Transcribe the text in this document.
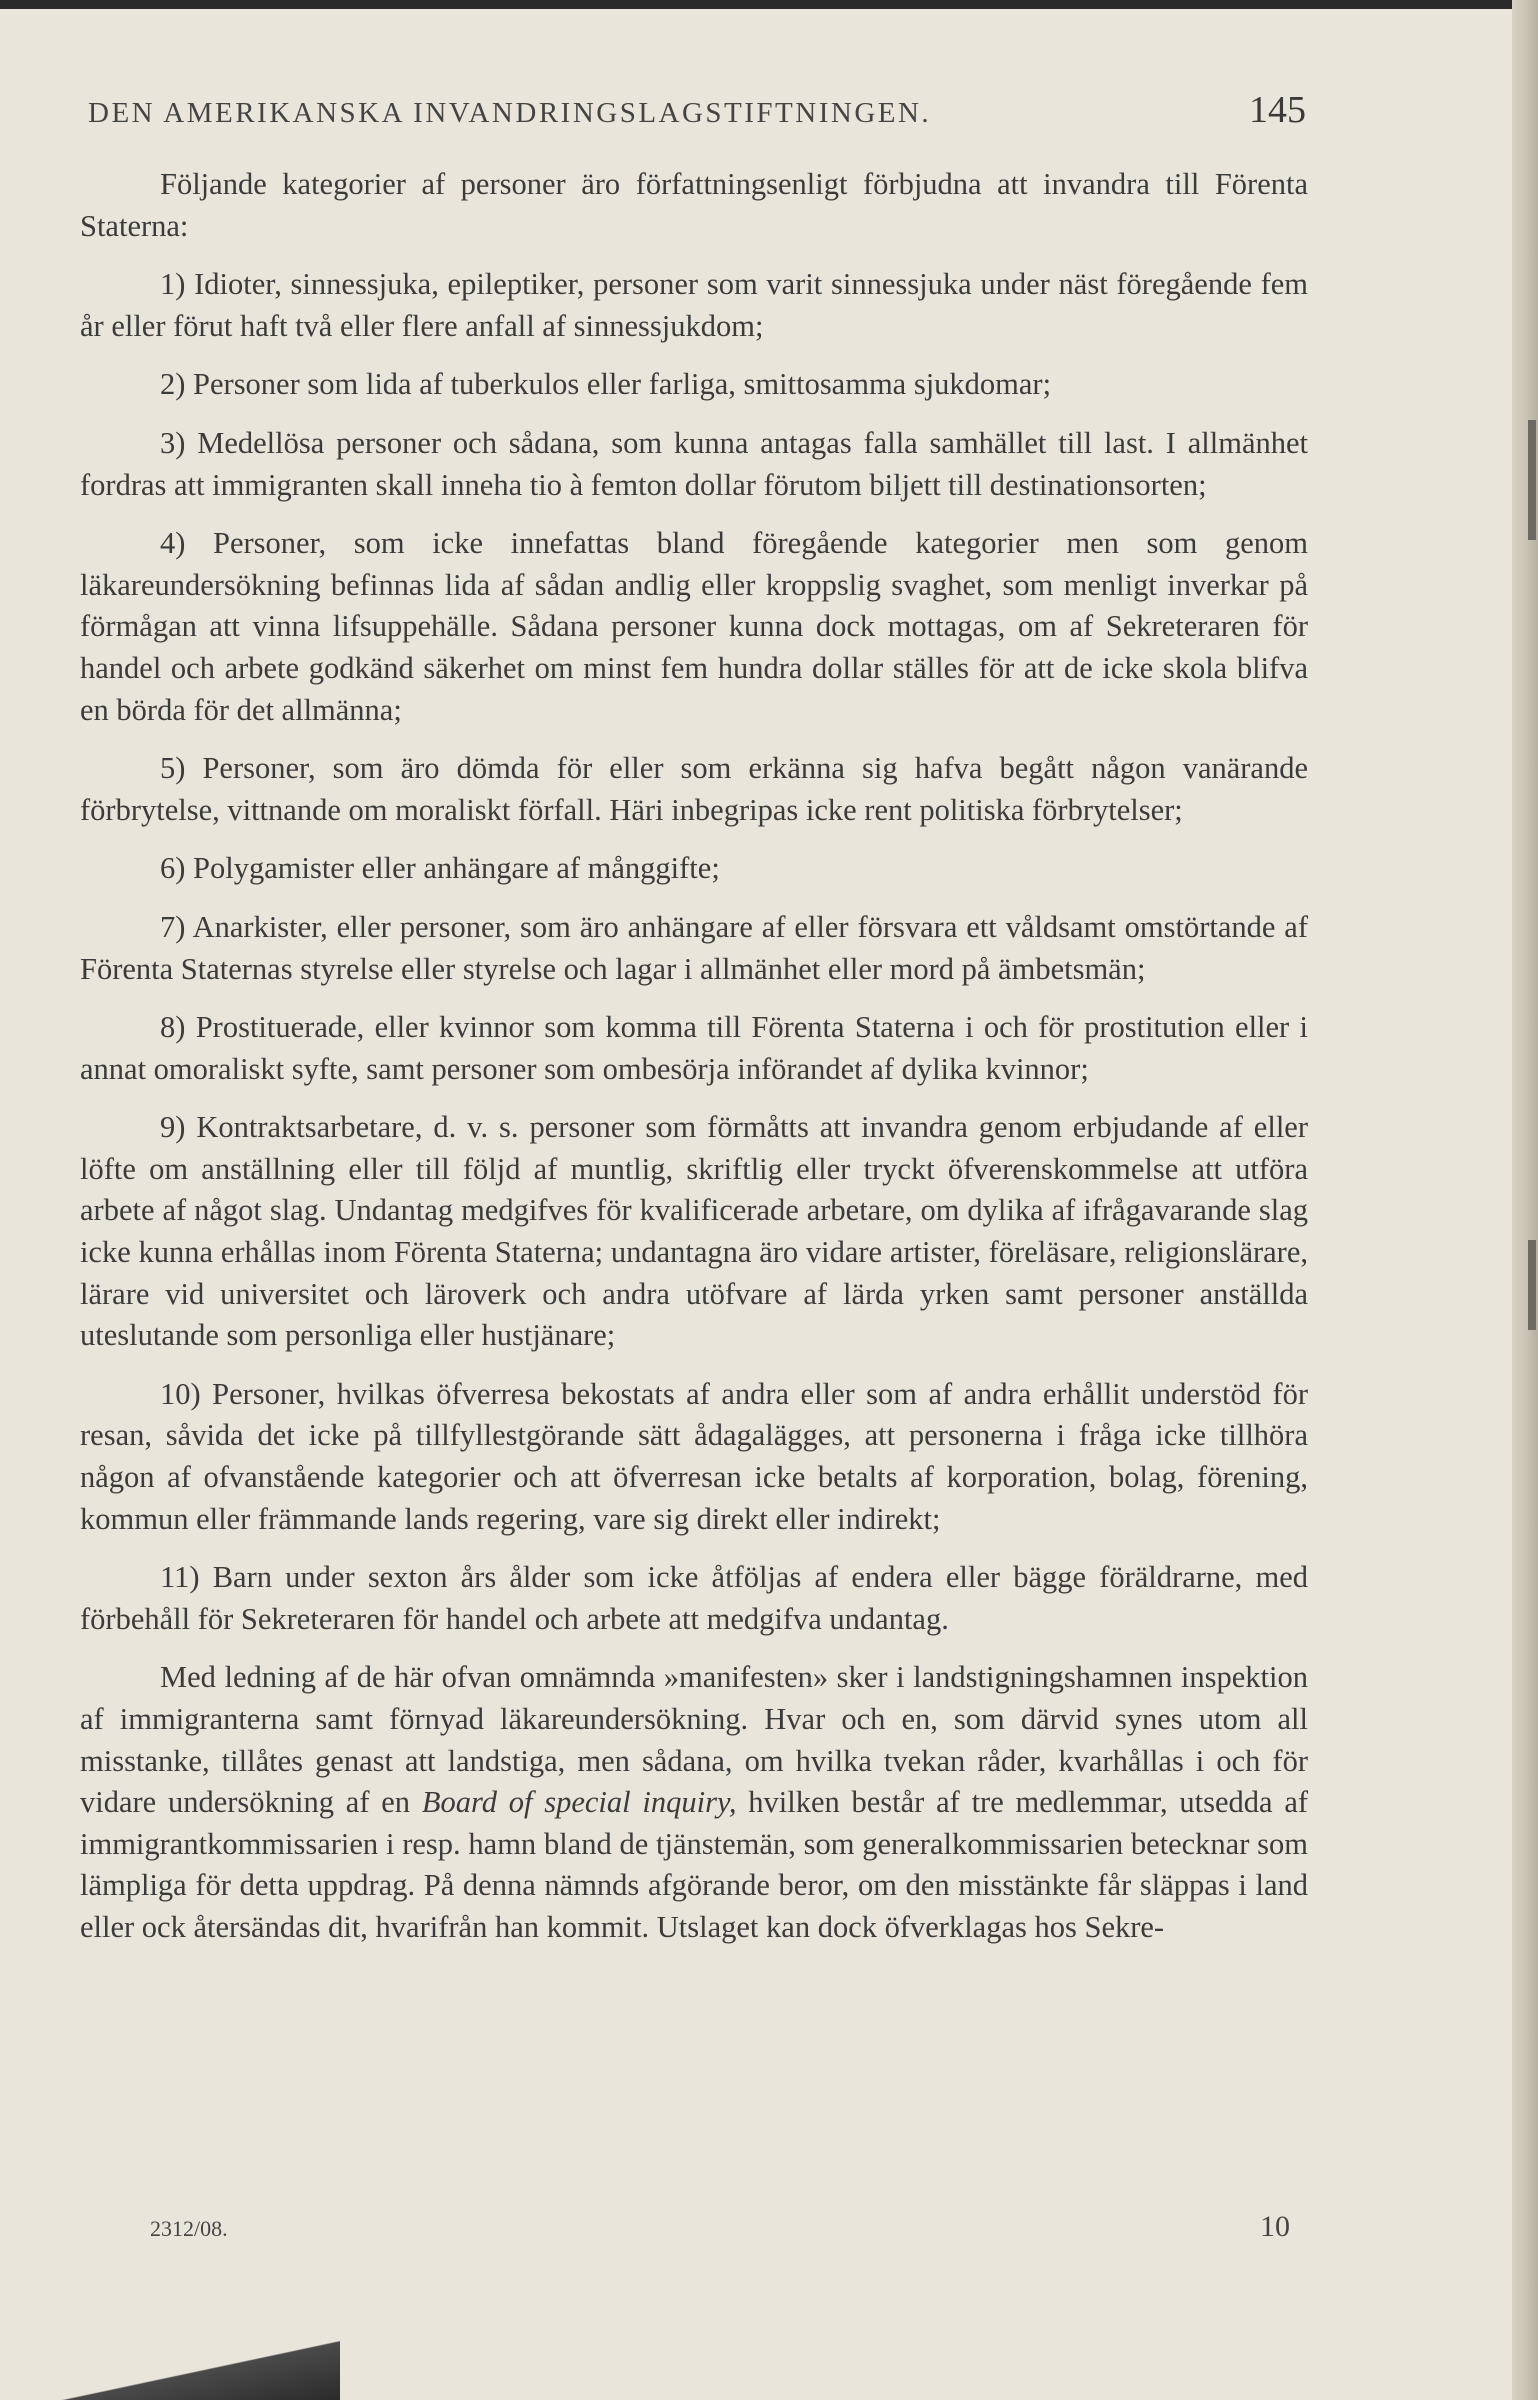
DEN AMERIKANSKA INVANDRINGSLAGSTIFTNINGEN.	145

Följande kategorier af personer äro författningsenligt förbjudna att invandra till Förenta Staterna:

1) Idioter, sinnessjuka, epileptiker, personer som varit sinnessjuka under näst föregående fem år eller förut haft två eller flere anfall af sinnessjukdom;

2) Personer som lida af tuberkulos eller farliga, smittosamma sjukdomar;

3) Medellösa personer och sådana, som kunna antagas falla samhället till last. I allmänhet fordras att immigranten skall inneha tio à femton dollar förutom biljett till destinationsorten;

4) Personer, som icke innefattas bland föregående kategorier men som genom läkareundersökning befinnas lida af sådan andlig eller kroppslig svaghet, som menligt inverkar på förmågan att vinna lifsuppehälle. Sådana personer kunna dock mottagas, om af Sekreteraren för handel och arbete godkänd säkerhet om minst fem hundra dollar ställes för att de icke skola blifva en börda för det allmänna;

5) Personer, som äro dömda för eller som erkänna sig hafva begått någon vanärande förbrytelse, vittnande om moraliskt förfall. Häri inbegripas icke rent politiska förbrytelser;

6) Polygamister eller anhängare af månggifte;

7) Anarkister, eller personer, som äro anhängare af eller försvara ett våldsamt omstörtande af Förenta Staternas styrelse eller styrelse och lagar i allmänhet eller mord på ämbetsmän;

8) Prostituerade, eller kvinnor som komma till Förenta Staterna i och för prostitution eller i annat omoraliskt syfte, samt personer som ombesörja införandet af dylika kvinnor;

9) Kontraktsarbetare, d. v. s. personer som förmåtts att invandra genom erbjudande af eller löfte om anställning eller till följd af muntlig, skriftlig eller tryckt öfverenskommelse att utföra arbete af något slag. Undantag medgifves för kvalificerade arbetare, om dylika af ifrågavarande slag icke kunna erhållas inom Förenta Staterna; undantagna äro vidare artister, föreläsare, religionslärare, lärare vid universitet och läroverk och andra utöfvare af lärda yrken samt personer anställda uteslutande som personliga eller hustjänare;

10) Personer, hvilkas öfverresa bekostats af andra eller som af andra erhållit understöd för resan, såvida det icke på tillfyllestgörande sätt ådagalägges, att personerna i fråga icke tillhöra någon af ofvanstående kategorier och att öfverresan icke betalts af korporation, bolag, förening, kommun eller främmande lands regering, vare sig direkt eller indirekt;

11) Barn under sexton års ålder som icke åtföljas af endera eller bägge föräldrarne, med förbehåll för Sekreteraren för handel och arbete att medgifva undantag.

Med ledning af de här ofvan omnämnda »manifesten» sker i landstigningshamnen inspektion af immigranterna samt förnyad läkareundersökning. Hvar och en, som därvid synes utom all misstanke, tillåtes genast att landstiga, men sådana, om hvilka tvekan råder, kvarhållas i och för vidare undersökning af en Board of special inquiry, hvilken består af tre medlemmar, utsedda af immigrantkommissarien i resp. hamn bland de tjänstemän, som generalkommissarien betecknar som lämpliga för detta uppdrag. På denna nämnds afgörande beror, om den misstänkte får släppas i land eller ock återsändas dit, hvarifrån han kommit. Utslaget kan dock öfverklagas hos Sekre-

2312/08.	10
